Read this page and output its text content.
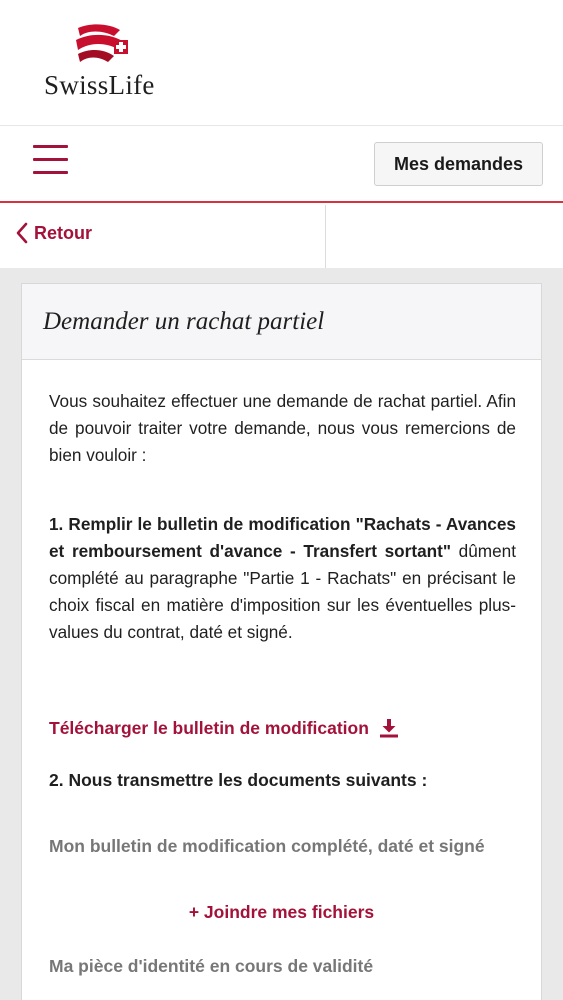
SwissLife
Mes demandes
Retour
Demander un rachat partiel

Vous souhaitez effectuer une demande de rachat partiel. Afin de pouvoir traiter votre demande, nous vous remercions de bien vouloir :

1. Remplir le bulletin de modification "Rachats - Avances et remboursement d'avance - Transfert sortant" dûment complété au paragraphe "Partie 1 - Rachats" en précisant le choix fiscal en matière d'imposition sur les éventuelles plus-values du contrat, daté et signé.

Télécharger le bulletin de modification
2. Nous transmettre les documents suivants :
Mon bulletin de modification complété, daté et signé
+ Joindre mes fichiers
Ma pièce d'identité en cours de validité
